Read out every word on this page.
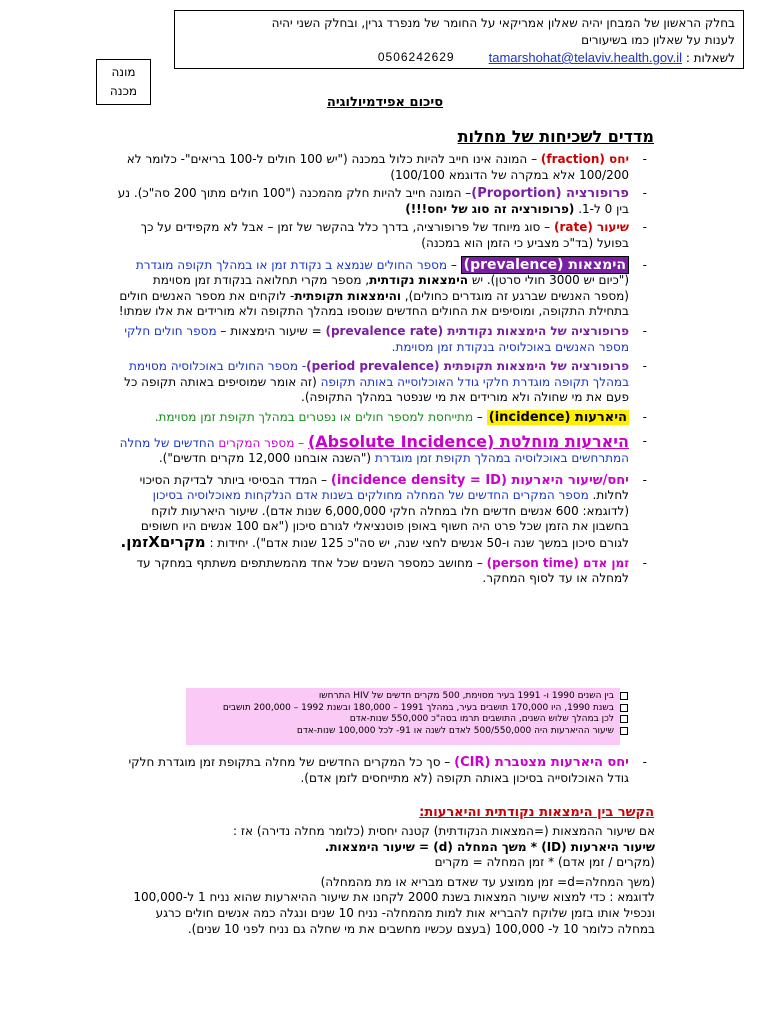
בחלק הראשון של המבחן יהיה שאלון אמריקאי על החומר של מנפרד גרין, ובחלק השני יהיה
לענות על שאלון כמו בשיעורים
לשאלות : tamarshohat@telaviv.health.gov.il
0506242629
מונה
מכנה
סיכום אפידמיולוגיה
מדדים לשכיחות של מחלות
- יחס (fraction) – המונה אינו חייב להיות כלול במכנה ("יש 100 חולים ל-100 בריאים"- כלומר לא 100/200 אלא במקרה של הדוגמא 100/100)
- פרופורציה (Proportion)– המונה חייב להיות חלק מהמכנה ("100 חולים מתוך 200 סה"כ). נע בין 0 ל-1. (פרופורציה זה סוג של יחס!!!)
- שיעור (rate) – סוג מיוחד של פרופורציה, בדרך כלל בהקשר של זמן – אבל לא מקפידים על כך בפועל (בד"כ מצביע כי הזמן הוא במכנה)
- הימצאות (prevalence) – מספר החולים שנמצא ב נקודת זמן או במהלך תקופה מוגדרת ("כיום יש 3000 חולי סרטן). יש הימצאות נקודתית, מספר מקרי תחלואה בנקודת זמן מסוימת (מספר האנשים שברגע זה מוגדרים כחולים), והימצאות תקופתית- לוקחים את מספר האנשים חולים בתחילת התקופה, ומוסיפים את החולים החדשים שנוספו במהלך התקופה ולא מורידים את אלו שמתו!
- פרופורציה של הימצאות נקודתית (prevalence rate) = שיעור הימצאות – מספר חולים חלקי מספר האנשים באוכלוסיה בנקודת זמן מסוימת.
- פרופורציה של הימצאות תקופתית (period prevalence)- מספר החולים באוכלוסיה מסוימת במהלך תקופה מוגדרת חלקי גודל האוכלוסייה באותה תקופה (זה אומר שמוסיפים באותה תקופה כל פעם את מי שחולה ולא מורידים את מי שנפטר במהלך התקופה).
- היארעות (incidence) – מתייחסת למספר חולים או נפטרים במהלך תקופת זמן מסוימת.
- היארעות מוחלטת (Absolute Incidence) – מספר המקרים החדשים של מחלה המתרחשים באוכלוסיה במהלך תקופת זמן מוגדרת ("השנה אובחנו 12,000 מקרים חדשים").
- יחס/שיעור היארעות (incidence density = ID) – המדד הבסיסי ביותר לבדיקת הסיכוי לחלות. מספר המקרים החדשים של המחלה מחולקים בשנות אדם הנלקחות מאוכלוסיה בסיכון (לדוגמא: 600 אנשים חדשים חלו במחלה חלקי 6,000,000 שנות אדם). שיעור היארעות לוקח בחשבון את הזמן שכל פרט היה חשוף באופן פוטנציאלי לגורם סיכון ("אם 100 אנשים היו חשופים לגורם סיכון במשך שנה ו-50 אנשים לחצי שנה, יש סה"כ 125 שנות אדם"). יחידות : מקריםXזמן.
- זמן אדם (person time) – מחושב כמספר השנים שכל אחד מהמשתתפים משתתף במחקר עד למחלה או עד לסוף המחקר.
בין השנים 1990 ו- 1991 בעיר מסוימת, 500 מקרים חדשים של HIV התרחשו
בשנת 1990, היו 170,000 תושבים בעיר, במהלך 1991 – 180,000 ובשנת 1992 – 200,000 תושבים
לכן במהלך שלוש השנים, התושבים תרמו בסה"כ 550,000 שנות-אדם
שיעור ההיארעות היה 500/550,000 לאדם לשנה או 91- לכל 100,000 שנות-אדם
- יחס היארעות מצטברת (CIR) – סך כל המקרים החדשים של מחלה בתקופת זמן מוגדרת חלקי גודל האוכלוסייה בסיכון באותה תקופה (לא מתייחסים לזמן אדם).
הקשר בין הימצאות נקודתית והיארעות:
אם שיעור ההמצאות (=המצאות הנקודתית) קטנה יחסית (כלומר מחלה נדירה) אז :
שיעור היארעות (ID) * משך המחלה (d) = שיעור הימצאות.
(מקרים / זמן אדם) * זמן המחלה = מקרים
(משך המחלה=d= זמן ממוצע עד שאדם מבריא או מת מהמחלה)
לדוגמא : כדי למצוא שיעור המצאות בשנת 2000 לקחנו את שיעור ההיארעות שהוא נניח 1 ל-100,000 ונכפיל אותו בזמן שלוקח להבריא אות למות מהמחלה- נניח 10 שנים ונגלה כמה אנשים חולים כרגע במחלה כלומר 10 ל- 100,000 (בעצם עכשיו מחשבים את מי שחלה גם נניח לפני 10 שנים).
